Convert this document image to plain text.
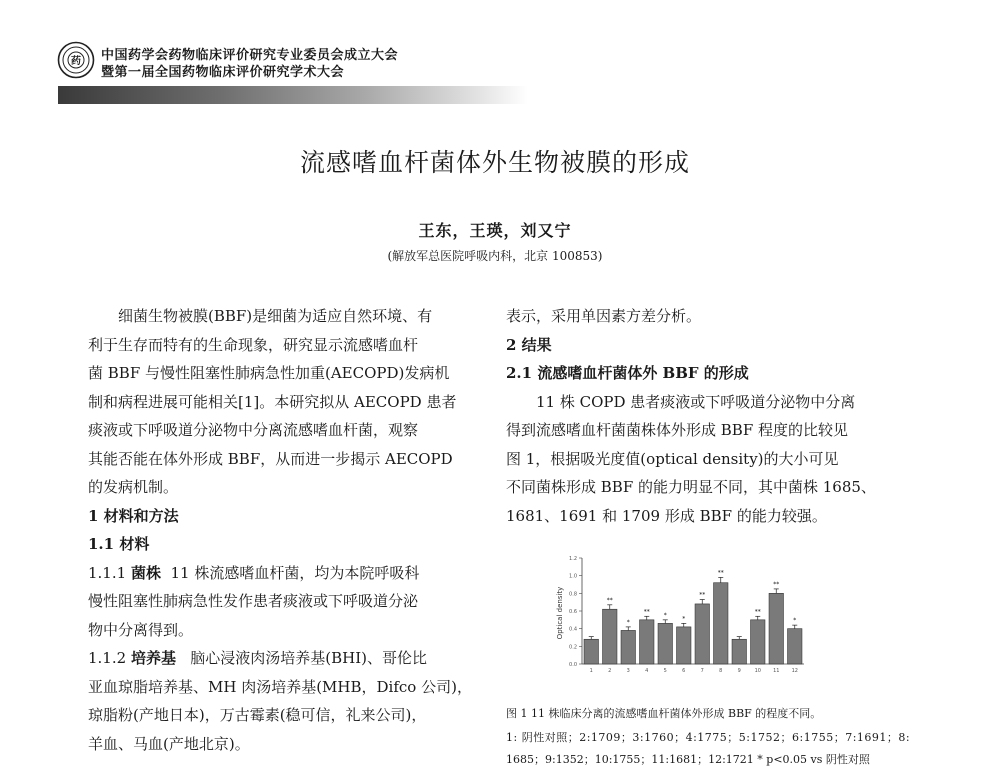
药 中国药学会药物临床评价研究专业委员会成立大会
暨第一届全国药物临床评价研究学术大会
流感嗜血杆菌体外生物被膜的形成
王东，王瑛，刘又宁
(解放军总医院呼吸内科，北京 100853)

细菌生物被膜(BBF)是细菌为适应自然环境、有

利于生存而特有的生命现象，研究显示流感嗜血杆

菌 BBF 与慢性阻塞性肺病急性加重(AECOPD)发病机

制和病程进展可能相关[1]。本研究拟从 AECOPD 患者

痰液或下呼吸道分泌物中分离流感嗜血杆菌，观察

其能否能在体外形成 BBF，从而进一步揭示 AECOPD

的发病机制。

1 材料和方法

1.1 材料

1.1.1 菌株 11 株流感嗜血杆菌，均为本院呼吸科

慢性阻塞性肺病急性发作患者痰液或下呼吸道分泌

物中分离得到。

1.1.2 培养基 脑心浸液肉汤培养基(BHI)、哥伦比

亚血琼脂培养基、MH 肉汤培养基(MHB，Difco 公司)，

琼脂粉(产地日本)，万古霉素(稳可信，礼来公司)，

羊血、马血(产地北京)。

表示，采用单因素方差分析。

2 结果

2.1 流感嗜血杆菌体外 BBF 的形成

11 株 COPD 患者痰液或下呼吸道分泌物中分离

得到流感嗜血杆菌菌株体外形成 BBF 程度的比较见

图 1，根据吸光度值(optical density)的大小可见

不同菌株形成 BBF 的能力明显不同，其中菌株 1685、

1681、1691 和 1709 形成 BBF 的能力较强。

Optical density
0.0
0.2
0.4
0.6
0.8
1.0
1.2
1
**
2
*
3
**
4
*
5
*
6
**
7
**
8	9
**
10
**
11
*
12
图 1 11 株临床分离的流感嗜血杆菌体外形成 BBF 的程度不同。
1: 阴性对照；2:1709；3:1760；4:1775；5:1752；6:1755；7:1691；8:
1685；9:1352；10:1755；11:1681；12:1721 * p<0.05 vs 阴性对照
